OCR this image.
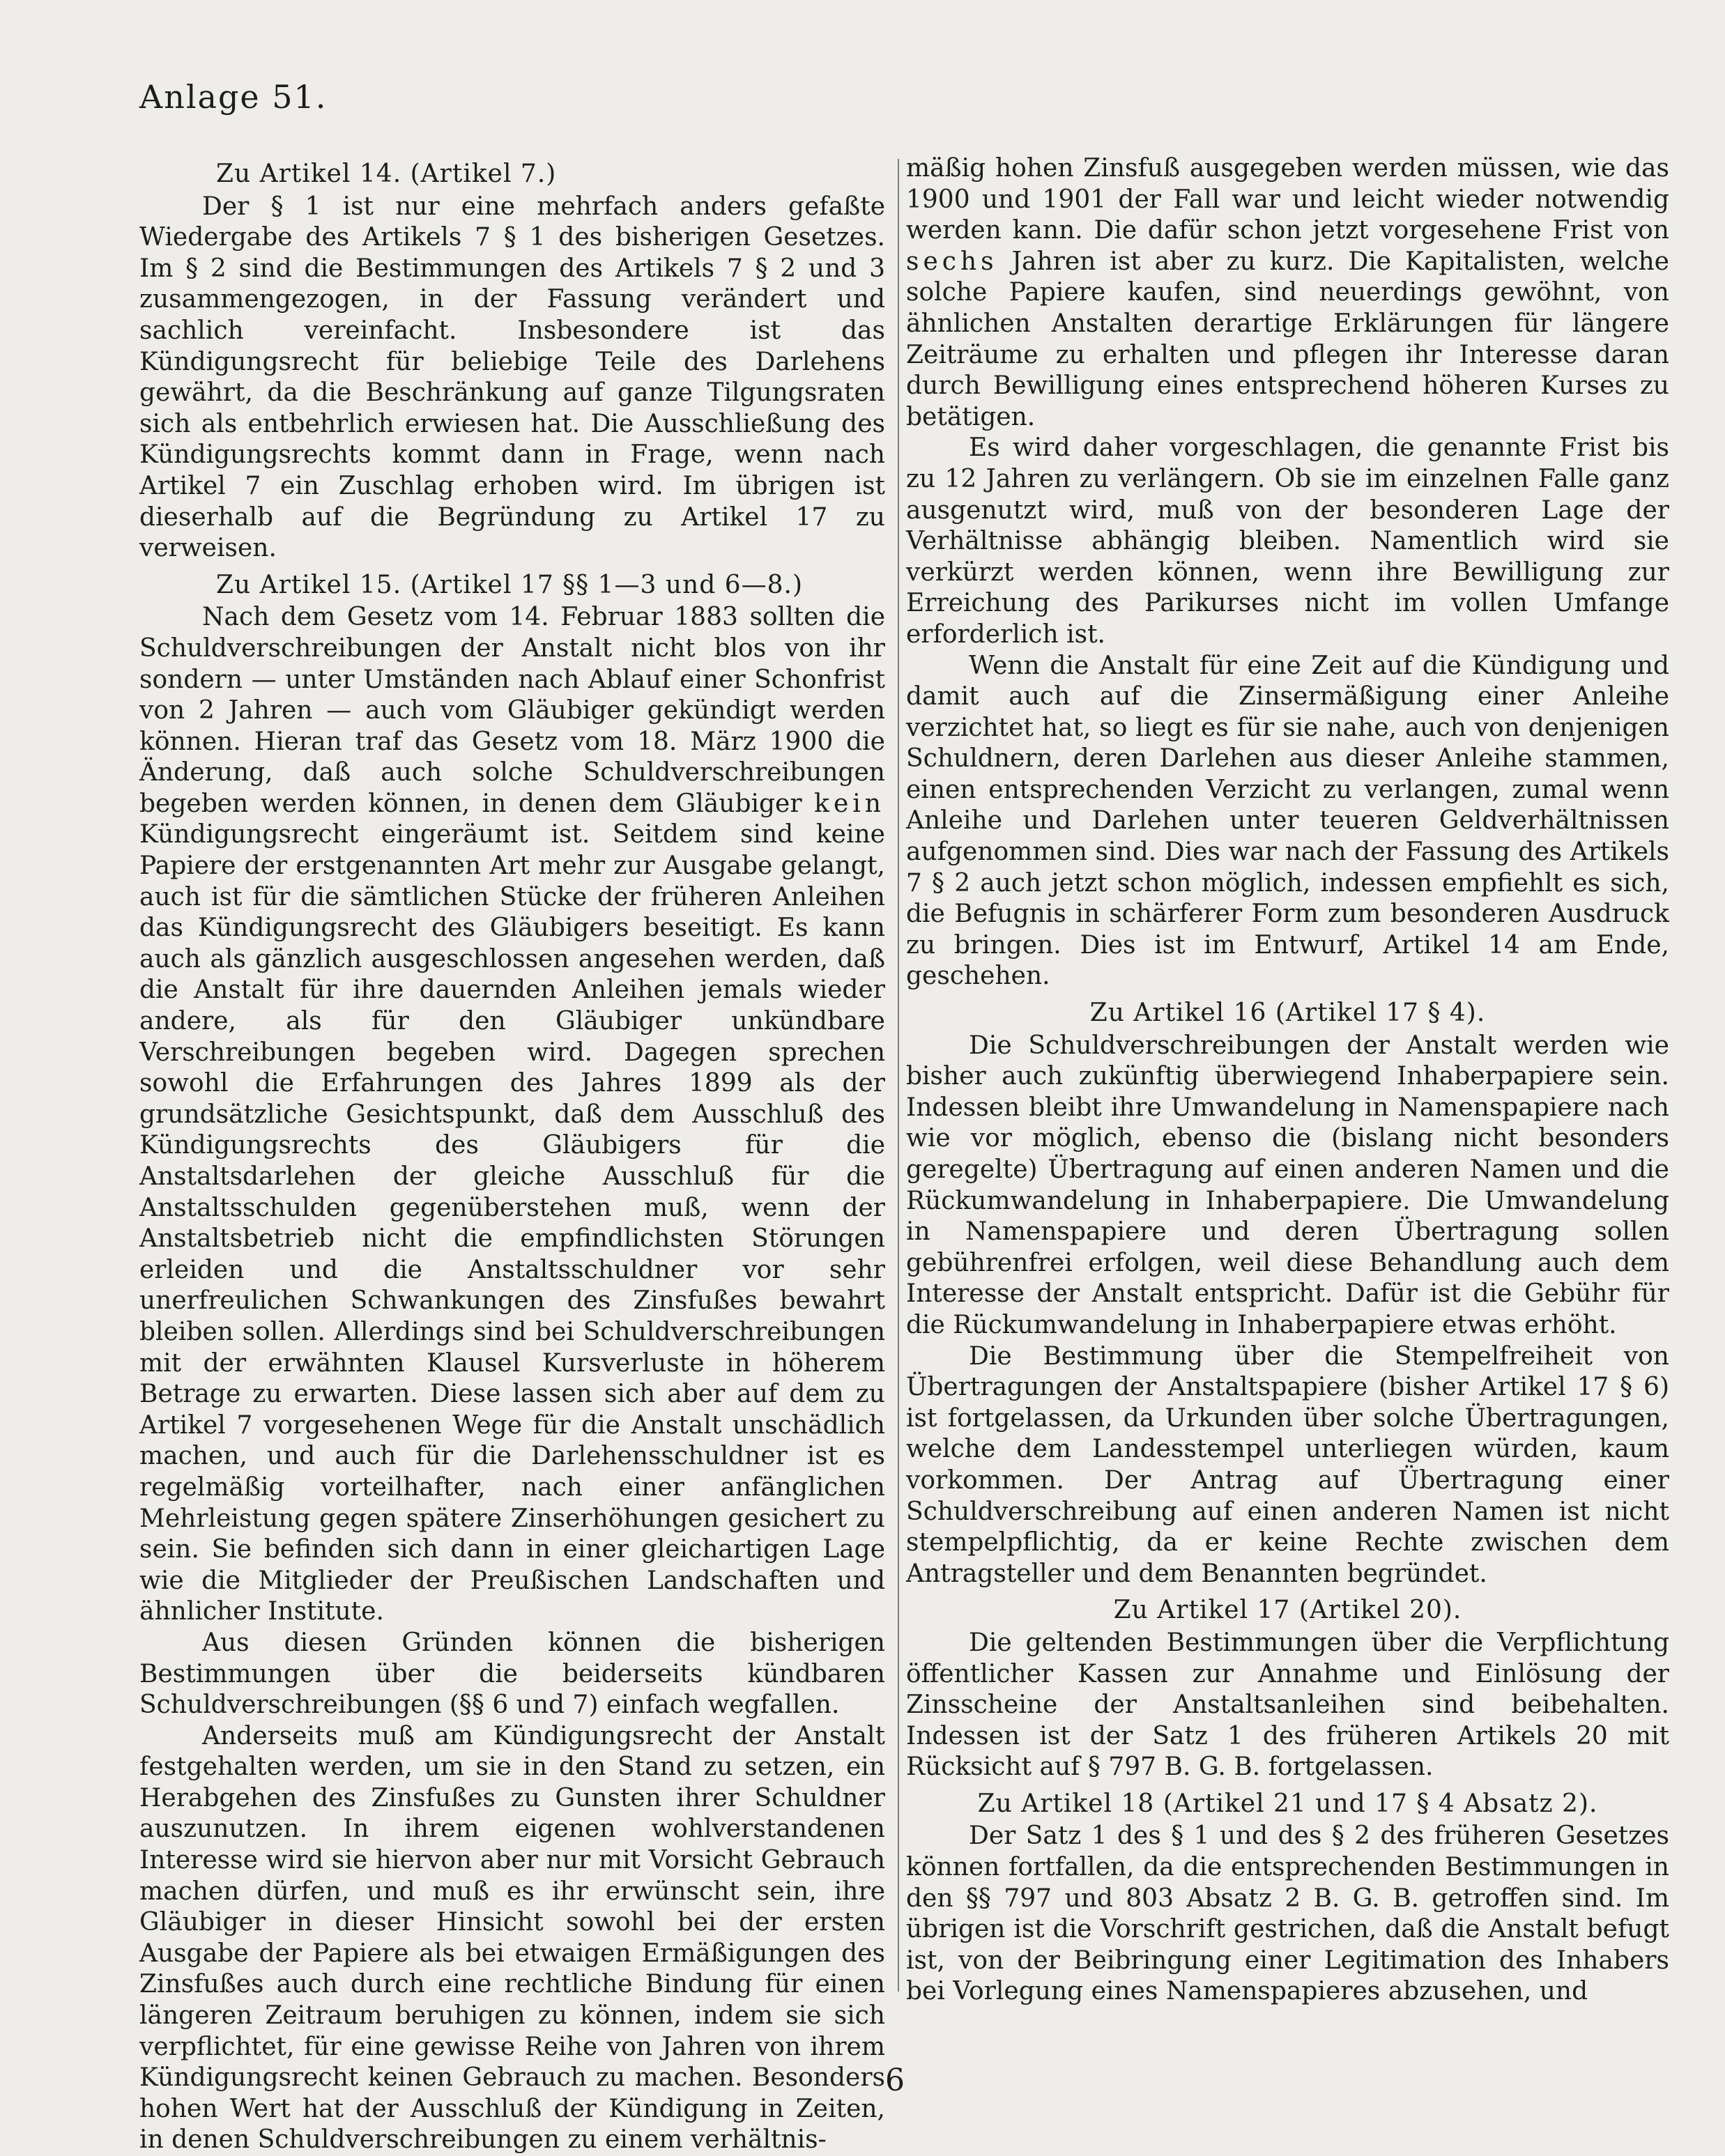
Anlage 51.
Zu Artikel 14. (Artikel 7.)

Der § 1 ist nur eine mehrfach anders gefaßte Wiedergabe des Artikels 7 § 1 des bisherigen Gesetzes. Im § 2 sind die Bestimmungen des Artikels 7 § 2 und 3 zusammengezogen, in der Fassung verändert und sachlich vereinfacht. Insbesondere ist das Kündigungsrecht für beliebige Teile des Darlehens gewährt, da die Beschränkung auf ganze Tilgungsraten sich als entbehrlich erwiesen hat. Die Ausschließung des Kündigungsrechts kommt dann in Frage, wenn nach Artikel 7 ein Zuschlag erhoben wird. Im übrigen ist dieserhalb auf die Begründung zu Artikel 17 zu verweisen.

Zu Artikel 15. (Artikel 17 §§ 1—3 und 6—8.)

Nach dem Gesetz vom 14. Februar 1883 sollten die Schuldverschreibungen der Anstalt nicht blos von ihr sondern — unter Umständen nach Ablauf einer Schonfrist von 2 Jahren — auch vom Gläubiger gekündigt werden können. Hieran traf das Gesetz vom 18. März 1900 die Änderung, daß auch solche Schuldverschreibungen begeben werden können, in denen dem Gläubiger kein Kündigungsrecht eingeräumt ist. Seitdem sind keine Papiere der erstgenannten Art mehr zur Ausgabe gelangt, auch ist für die sämtlichen Stücke der früheren Anleihen das Kündigungsrecht des Gläubigers beseitigt. Es kann auch als gänzlich ausgeschlossen angesehen werden, daß die Anstalt für ihre dauernden Anleihen jemals wieder andere, als für den Gläubiger unkündbare Verschreibungen begeben wird. Dagegen sprechen sowohl die Erfahrungen des Jahres 1899 als der grundsätzliche Gesichtspunkt, daß dem Ausschluß des Kündigungsrechts des Gläubigers für die Anstaltsdarlehen der gleiche Ausschluß für die Anstaltsschulden gegenüberstehen muß, wenn der Anstaltsbetrieb nicht die empfindlichsten Störungen erleiden und die Anstaltsschuldner vor sehr unerfreulichen Schwankungen des Zinsfußes bewahrt bleiben sollen. Allerdings sind bei Schuldverschreibungen mit der erwähnten Klausel Kursverluste in höherem Betrage zu erwarten. Diese lassen sich aber auf dem zu Artikel 7 vorgesehenen Wege für die Anstalt unschädlich machen, und auch für die Darlehensschuldner ist es regelmäßig vorteilhafter, nach einer anfänglichen Mehrleistung gegen spätere Zinserhöhungen gesichert zu sein. Sie befinden sich dann in einer gleichartigen Lage wie die Mitglieder der Preußischen Landschaften und ähnlicher Institute.

Aus diesen Gründen können die bisherigen Bestimmungen über die beiderseits kündbaren Schuldverschreibungen (§§ 6 und 7) einfach wegfallen.

Anderseits muß am Kündigungsrecht der Anstalt festgehalten werden, um sie in den Stand zu setzen, ein Herabgehen des Zinsfußes zu Gunsten ihrer Schuldner auszunutzen. In ihrem eigenen wohlverstandenen Interesse wird sie hiervon aber nur mit Vorsicht Gebrauch machen dürfen, und muß es ihr erwünscht sein, ihre Gläubiger in dieser Hinsicht sowohl bei der ersten Ausgabe der Papiere als bei etwaigen Ermäßigungen des Zinsfußes auch durch eine rechtliche Bindung für einen längeren Zeitraum beruhigen zu können, indem sie sich verpflichtet, für eine gewisse Reihe von Jahren von ihrem Kündigungsrecht keinen Gebrauch zu machen. Besonders hohen Wert hat der Ausschluß der Kündigung in Zeiten, in denen Schuldverschreibungen zu einem verhältnis-

mäßig hohen Zinsfuß ausgegeben werden müssen, wie das 1900 und 1901 der Fall war und leicht wieder notwendig werden kann. Die dafür schon jetzt vorgesehene Frist von sechs Jahren ist aber zu kurz. Die Kapitalisten, welche solche Papiere kaufen, sind neuerdings gewöhnt, von ähnlichen Anstalten derartige Erklärungen für längere Zeiträume zu erhalten und pflegen ihr Interesse daran durch Bewilligung eines entsprechend höheren Kurses zu betätigen.

Es wird daher vorgeschlagen, die genannte Frist bis zu 12 Jahren zu verlängern. Ob sie im einzelnen Falle ganz ausgenutzt wird, muß von der besonderen Lage der Verhältnisse abhängig bleiben. Namentlich wird sie verkürzt werden können, wenn ihre Bewilligung zur Erreichung des Parikurses nicht im vollen Umfange erforderlich ist.

Wenn die Anstalt für eine Zeit auf die Kündigung und damit auch auf die Zinsermäßigung einer Anleihe verzichtet hat, so liegt es für sie nahe, auch von denjenigen Schuldnern, deren Darlehen aus dieser Anleihe stammen, einen entsprechenden Verzicht zu verlangen, zumal wenn Anleihe und Darlehen unter teueren Geldverhältnissen aufgenommen sind. Dies war nach der Fassung des Artikels 7 § 2 auch jetzt schon möglich, indessen empfiehlt es sich, die Befugnis in schärferer Form zum besonderen Ausdruck zu bringen. Dies ist im Entwurf, Artikel 14 am Ende, geschehen.

Zu Artikel 16 (Artikel 17 § 4).

Die Schuldverschreibungen der Anstalt werden wie bisher auch zukünftig überwiegend Inhaberpapiere sein. Indessen bleibt ihre Umwandelung in Namenspapiere nach wie vor möglich, ebenso die (bislang nicht besonders geregelte) Übertragung auf einen anderen Namen und die Rückumwandelung in Inhaberpapiere. Die Umwandelung in Namenspapiere und deren Übertragung sollen gebührenfrei erfolgen, weil diese Behandlung auch dem Interesse der Anstalt entspricht. Dafür ist die Gebühr für die Rückumwandelung in Inhaberpapiere etwas erhöht.

Die Bestimmung über die Stempelfreiheit von Übertragungen der Anstaltspapiere (bisher Artikel 17 § 6) ist fortgelassen, da Urkunden über solche Übertragungen, welche dem Landesstempel unterliegen würden, kaum vorkommen. Der Antrag auf Übertragung einer Schuldverschreibung auf einen anderen Namen ist nicht stempelpflichtig, da er keine Rechte zwischen dem Antragsteller und dem Benannten begründet.

Zu Artikel 17 (Artikel 20).

Die geltenden Bestimmungen über die Verpflichtung öffentlicher Kassen zur Annahme und Einlösung der Zinsscheine der Anstaltsanleihen sind beibehalten. Indessen ist der Satz 1 des früheren Artikels 20 mit Rücksicht auf § 797 B. G. B. fortgelassen.

Zu Artikel 18 (Artikel 21 und 17 § 4 Absatz 2).

Der Satz 1 des § 1 und des § 2 des früheren Gesetzes können fortfallen, da die entsprechenden Bestimmungen in den §§ 797 und 803 Absatz 2 B. G. B. getroffen sind. Im übrigen ist die Vorschrift gestrichen, daß die Anstalt befugt ist, von der Beibringung einer Legitimation des Inhabers bei Vorlegung eines Namenspapieres abzusehen, und

6
